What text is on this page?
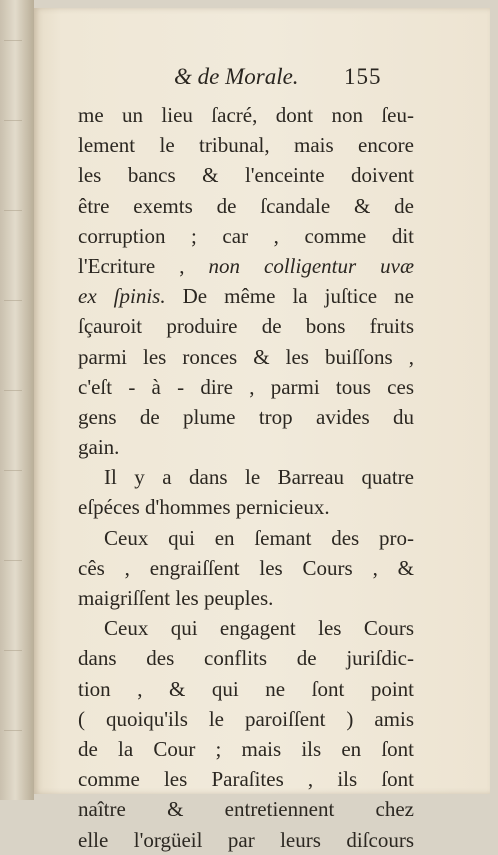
& de Morale. 155
me un lieu ſacré, dont non ſeu-
lement le tribunal, mais encore
les bancs & l'enceinte doivent
être exemts de ſcandale & de
corruption ; car , comme dit
l'Ecriture , non colligentur uvæ
ex ſpinis. De même la juſtice ne
ſçauroit produire de bons fruits
parmi les ronces & les buiſſons ,
c'eſt - à - dire , parmi tous ces
gens de plume trop avides du
gain.
Il y a dans le Barreau quatre
eſpéces d'hommes pernicieux.
Ceux qui en ſemant des pro-
cês , engraiſſent les Cours , &
maigriſſent les peuples.
Ceux qui engagent les Cours
dans des conflits de juriſdic-
tion , & qui ne ſont point
( quoiqu'ils le paroiſſent ) amis
de la Cour ; mais ils en ſont
comme les Paraſites , ils ſont
naître & entretiennent chez
elle l'orgüeil par leurs diſcours
